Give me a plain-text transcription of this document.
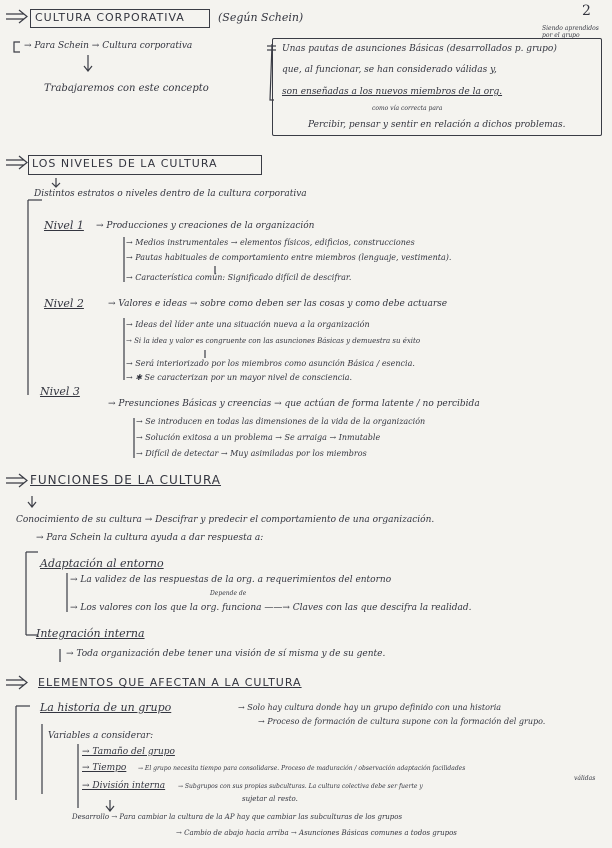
2
CULTURA CORPORATIVA	(Según Schein)
Siendo aprendidos por el grupo
→ Para Schein → Cultura corporativa
Trabajaremos con este concepto
Unas pautas de asunciones Básicas (desarrollados p. grupo)
que, al funcionar, se han considerado válidas y,
son enseñadas a los nuevos miembros de la org.
como vía correcta para
Percibir, pensar y sentir en relación a dichos problemas.
LOS NIVELES DE LA CULTURA
Distintos estratos o niveles dentro de la cultura corporativa
Nivel 1 → Producciones y creaciones de la organización
→ Medios instrumentales → elementos físicos, edificios, construcciones
→ Pautas habituales de comportamiento entre miembros (lenguaje, vestimenta).
→ Característica común: Significado difícil de descifrar.
Nivel 2	→ Valores e ideas → sobre como deben ser las cosas y como debe actuarse
→ Ideas del líder ante una situación nueva a la organización
→ Si la idea y valor es congruente con las asunciones Básicas y demuestra su éxito
→ Será interiorizado por los miembros como asunción Básica / esencia.
→ ✱ Se caracterizan por un mayor nivel de consciencia.
Nivel 3
→ Presunciones Básicas y creencias → que actúan de forma latente / no percibida
→ Se introducen en todas las dimensiones de la vida de la organización
→ Solución exitosa a un problema → Se arraiga → Inmutable
→ Difícil de detectar → Muy asimiladas por los miembros
FUNCIONES DE LA CULTURA
Conocimiento de su cultura → Descifrar y predecir el comportamiento de una organización.
→ Para Schein la cultura ayuda a dar respuesta a:
Adaptación al entorno
→ La validez de las respuestas de la org. a requerimientos del entorno
Depende de
→ Los valores con los que la org. funciona ——→ Claves con las que descifra la realidad.
Integración interna
→ Toda organización debe tener una visión de sí misma y de su gente.
ELEMENTOS QUE AFECTAN A LA CULTURA
La historia de un grupo	→ Solo hay cultura donde hay un grupo definido con una historia
→ Proceso de formación de cultura supone con la formación del grupo.
Variables a considerar:
→ Tamaño del grupo
→ Tiempo → El grupo necesita tiempo para consolidarse. Proceso de maduración / observación adaptación facilidades
válidas
→ División interna → Subgrupos con sus propias subculturas. La cultura colectiva debe ser fuerte y
sujetar al resto.
Desarrollo → Para cambiar la cultura de la AP hay que cambiar las subculturas de los grupos
→ Cambio de abajo hacia arriba → Asunciones Básicas comunes a todos grupos
